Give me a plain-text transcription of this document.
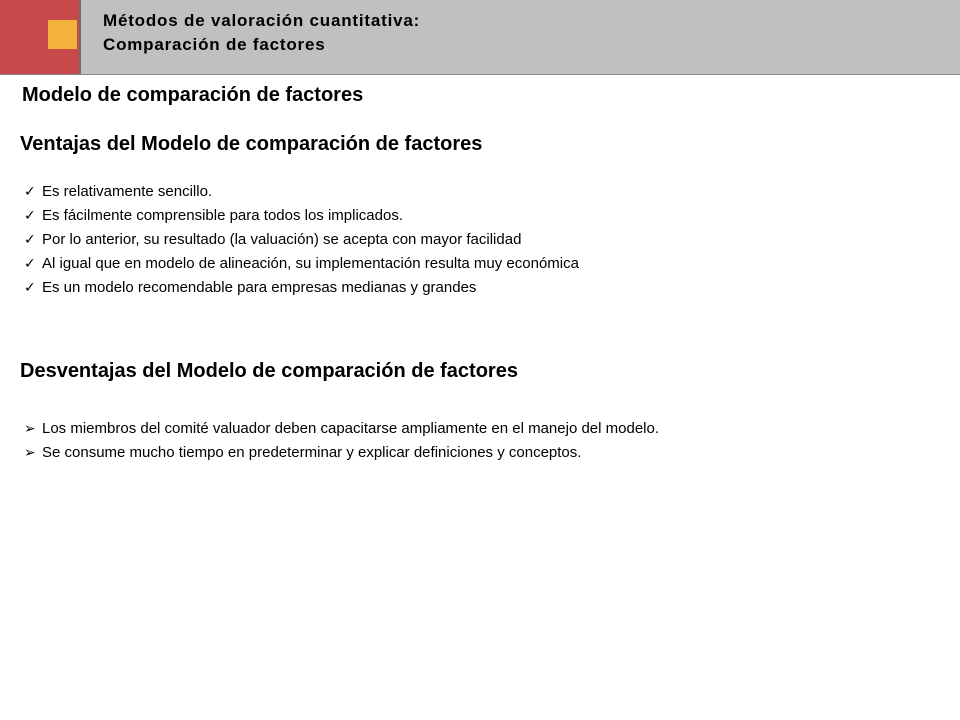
Métodos de valoración cuantitativa:
Comparación de factores
Modelo de comparación de factores
Ventajas del Modelo de comparación de factores
✓ Es relativamente sencillo.
✓ Es fácilmente comprensible para todos los implicados.
✓ Por lo anterior, su resultado (la valuación) se acepta con mayor facilidad
✓ Al igual que en modelo de alineación, su implementación resulta muy económica
✓ Es un modelo recomendable para empresas medianas y grandes
Desventajas del Modelo de comparación de factores
➢ Los miembros del comité valuador deben capacitarse ampliamente en el manejo del modelo.
➢ Se consume mucho tiempo en predeterminar y explicar definiciones y conceptos.
